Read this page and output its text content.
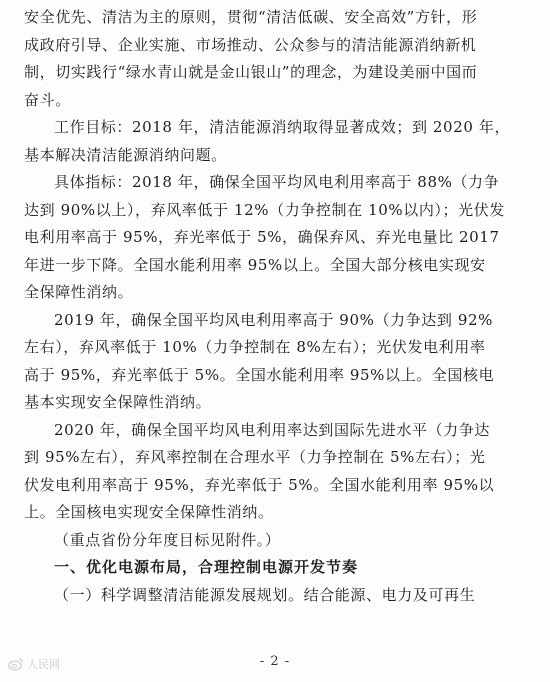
安全优先、清洁为主的原则，贯彻“清洁低碳、安全高效”方针，形
成政府引导、企业实施、市场推动、公众参与的清洁能源消纳新机
制，切实践行“绿水青山就是金山银山”的理念，为建设美丽中国而
奋斗。
工作目标：2018 年，清洁能源消纳取得显著成效；到 2020 年，
基本解决清洁能源消纳问题。
具体指标：2018 年，确保全国平均风电利用率高于 88%（力争
达到 90%以上），弃风率低于 12%（力争控制在 10%以内）；光伏发
电利用率高于 95%，弃光率低于 5%，确保弃风、弃光电量比 2017
年进一步下降。全国水能利用率 95%以上。全国大部分核电实现安
全保障性消纳。
2019 年，确保全国平均风电利用率高于 90%（力争达到 92%
左右），弃风率低于 10%（力争控制在 8%左右）；光伏发电利用率
高于 95%，弃光率低于 5%。全国水能利用率 95%以上。全国核电
基本实现安全保障性消纳。
2020 年，确保全国平均风电利用率达到国际先进水平（力争达
到 95%左右），弃风率控制在合理水平（力争控制在 5%左右）；光
伏发电利用率高于 95%，弃光率低于 5%。全国水能利用率 95%以
上。全国核电实现安全保障性消纳。
（重点省份分年度目标见附件。）
一、优化电源布局，合理控制电源开发节奏
（一）科学调整清洁能源发展规划。结合能源、电力及可再生
人民网	- 2 -
